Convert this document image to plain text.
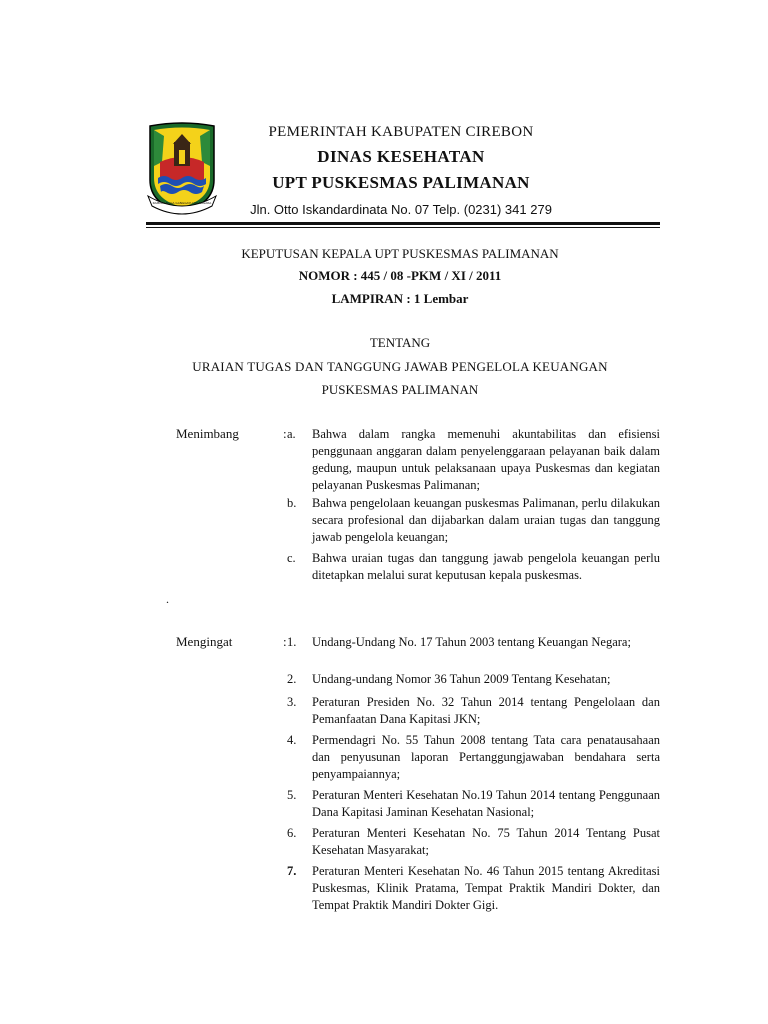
RAMPAK NAGA GANGGAYU NA NAGARA
PEMERINTAH KABUPATEN CIREBON
DINAS KESEHATAN
UPT PUSKESMAS PALIMANAN
Jln. Otto Iskandardinata No. 07 Telp. (0231) 341 279
KEPUTUSAN KEPALA UPT PUSKESMAS PALIMANAN
NOMOR : 445 / 08 -PKM / XI / 2011
LAMPIRAN : 1 Lembar
TENTANG
URAIAN TUGAS DAN TANGGUNG JAWAB PENGELOLA KEUANGAN
PUSKESMAS PALIMANAN
Menimbang	: a.	Bahwa dalam rangka memenuhi akuntabilitas dan efisiensi penggunaan anggaran dalam penyelenggaraan pelayanan baik dalam gedung, maupun untuk pelaksanaan upaya Puskesmas dan kegiatan pelayanan Puskesmas Palimanan;
b.	Bahwa pengelolaan keuangan puskesmas Palimanan, perlu dilakukan secara profesional dan dijabarkan dalam uraian tugas dan tanggung jawab pengelola keuangan;
c.	Bahwa uraian tugas dan tanggung jawab pengelola keuangan perlu ditetapkan melalui surat keputusan kepala puskesmas.
.
Mengingat	: 1.	Undang-Undang No. 17 Tahun 2003 tentang Keuangan Negara;
2.	Undang-undang Nomor 36 Tahun 2009 Tentang Kesehatan;
3.	Peraturan Presiden No. 32 Tahun 2014 tentang Pengelolaan dan Pemanfaatan Dana Kapitasi JKN;
4.	Permendagri No. 55 Tahun 2008 tentang Tata cara penatausahaan dan penyusunan laporan Pertanggungjawaban bendahara serta penyampaiannya;
5.	Peraturan Menteri Kesehatan No.19 Tahun 2014 tentang Penggunaan Dana Kapitasi Jaminan Kesehatan Nasional;
6.	Peraturan Menteri Kesehatan No. 75 Tahun 2014 Tentang Pusat Kesehatan Masyarakat;
7.	Peraturan Menteri Kesehatan No. 46 Tahun 2015 tentang Akreditasi Puskesmas, Klinik Pratama, Tempat Praktik Mandiri Dokter, dan Tempat Praktik Mandiri Dokter Gigi.
